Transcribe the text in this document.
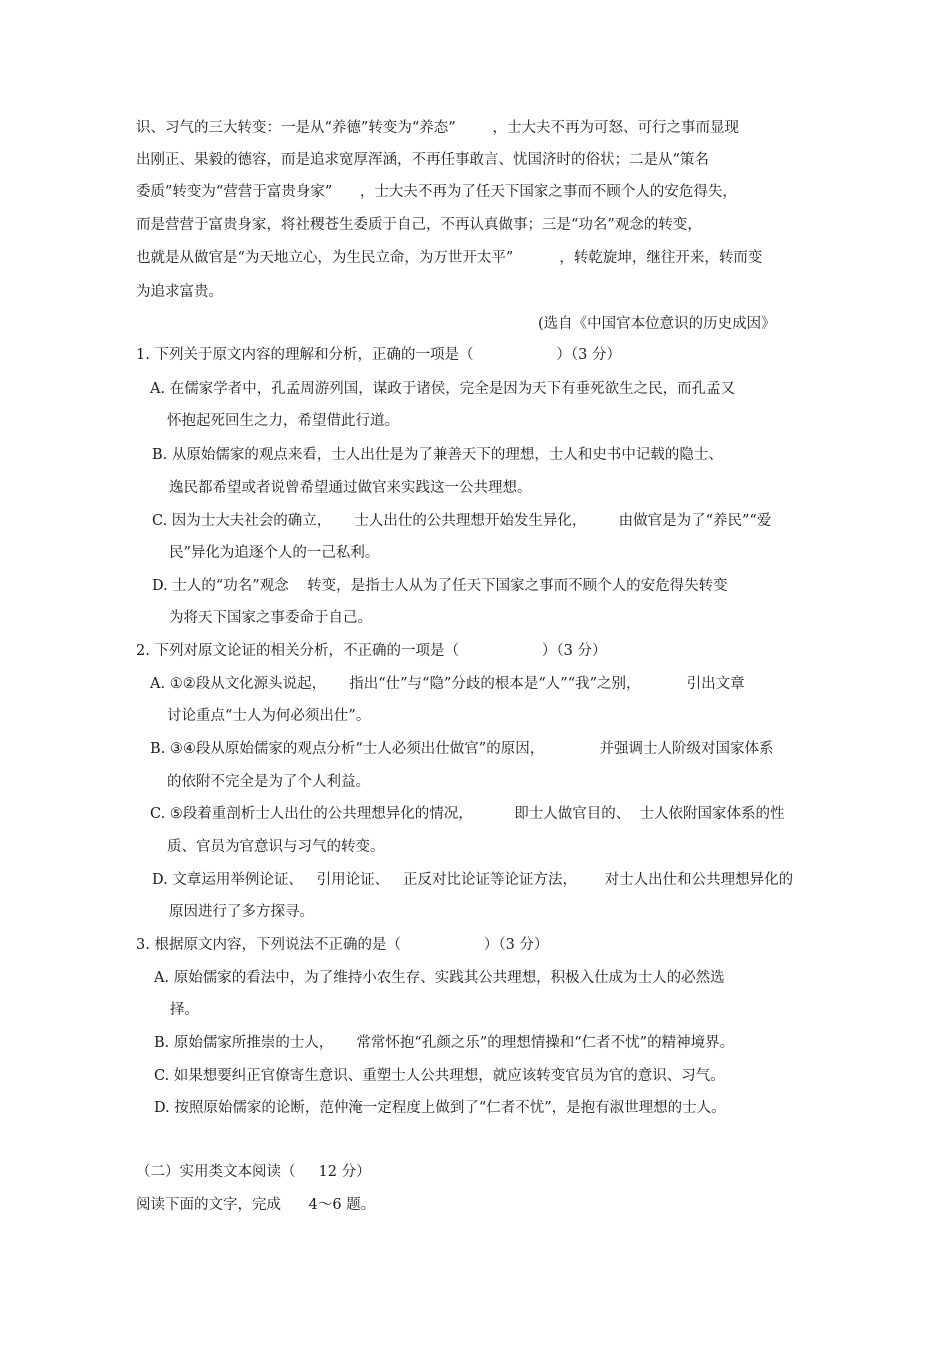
识、习气的三大转变：一是从“养德”转变为“养态”        ，士大夫不再为可怒、可行之事而显现
出刚正、果毅的德容，而是追求宽厚浑涵，不再任事敢言、忧国济时的俗状；二是从“策名
委质”转变为“营营于富贵身家”      ，士大夫不再为了任天下国家之事而不顾个人的安危得失，
而是营营于富贵身家，将社稷苍生委质于自己，不再认真做事；三是“功名”观念的转变，
也就是从做官是“为天地立心，为生民立命，为万世开太平”          ，转乾旋坤，继往开来，转而变
为追求富贵。
(选自《中国官本位意识的历史成因》
1. 下列关于原文内容的理解和分析，正确的一项是（                  ）（3 分）
A. 在儒家学者中，孔孟周游列国，谋政于诸侯，完全是因为天下有垂死欲生之民，而孔孟又
怀抱起死回生之力，希望借此行道。
B. 从原始儒家的观点来看，士人出仕是为了兼善天下的理想，士人和史书中记载的隐士、
逸民都希望或者说曾希望通过做官来实践这一公共理想。
C. 因为士大夫社会的确立，     士人出仕的公共理想开始发生异化，       由做官是为了“养民”“爱
民”异化为追逐个人的一己私利。
D. 士人的“功名”观念    转变，是指士人从为了任天下国家之事而不顾个人的安危得失转变
为将天下国家之事委命于自己。
2. 下列对原文论证的相关分析，不正确的一项是（                  ）（3 分）
A. ①②段从文化源头说起，     指出“仕”与“隐”分歧的根本是“人”“我”之别，          引出文章
讨论重点“士人为何必须出仕”。
B. ③④段从原始儒家的观点分析“士人必须出仕做官”的原因，            并强调士人阶级对国家体系
的依附不完全是为了个人利益。
C. ⑤段着重剖析士人出仕的公共理想异化的情况，         即士人做官目的、  士人依附国家体系的性
质、官员为官意识与习气的转变。
D. 文章运用举例论证、   引用论证、   正反对比论证等论证方法，      对士人出仕和公共理想异化的
原因进行了多方探寻。
3. 根据原文内容，下列说法不正确的是（                  ）（3 分）
A. 原始儒家的看法中，为了维持小农生存、实践其公共理想，积极入仕成为士人的必然选
择。
B. 原始儒家所推崇的士人，     常常怀抱“孔颜之乐”的理想情操和“仁者不忧”的精神境界。
C. 如果想要纠正官僚寄生意识、重塑士人公共理想，就应该转变官员为官的意识、习气。
D. 按照原始儒家的论断，范仲淹一定程度上做到了“仁者不忧”，是抱有淑世理想的士人。
（二）实用类文本阅读（     12 分）
阅读下面的文字，完成      4～6 题。
